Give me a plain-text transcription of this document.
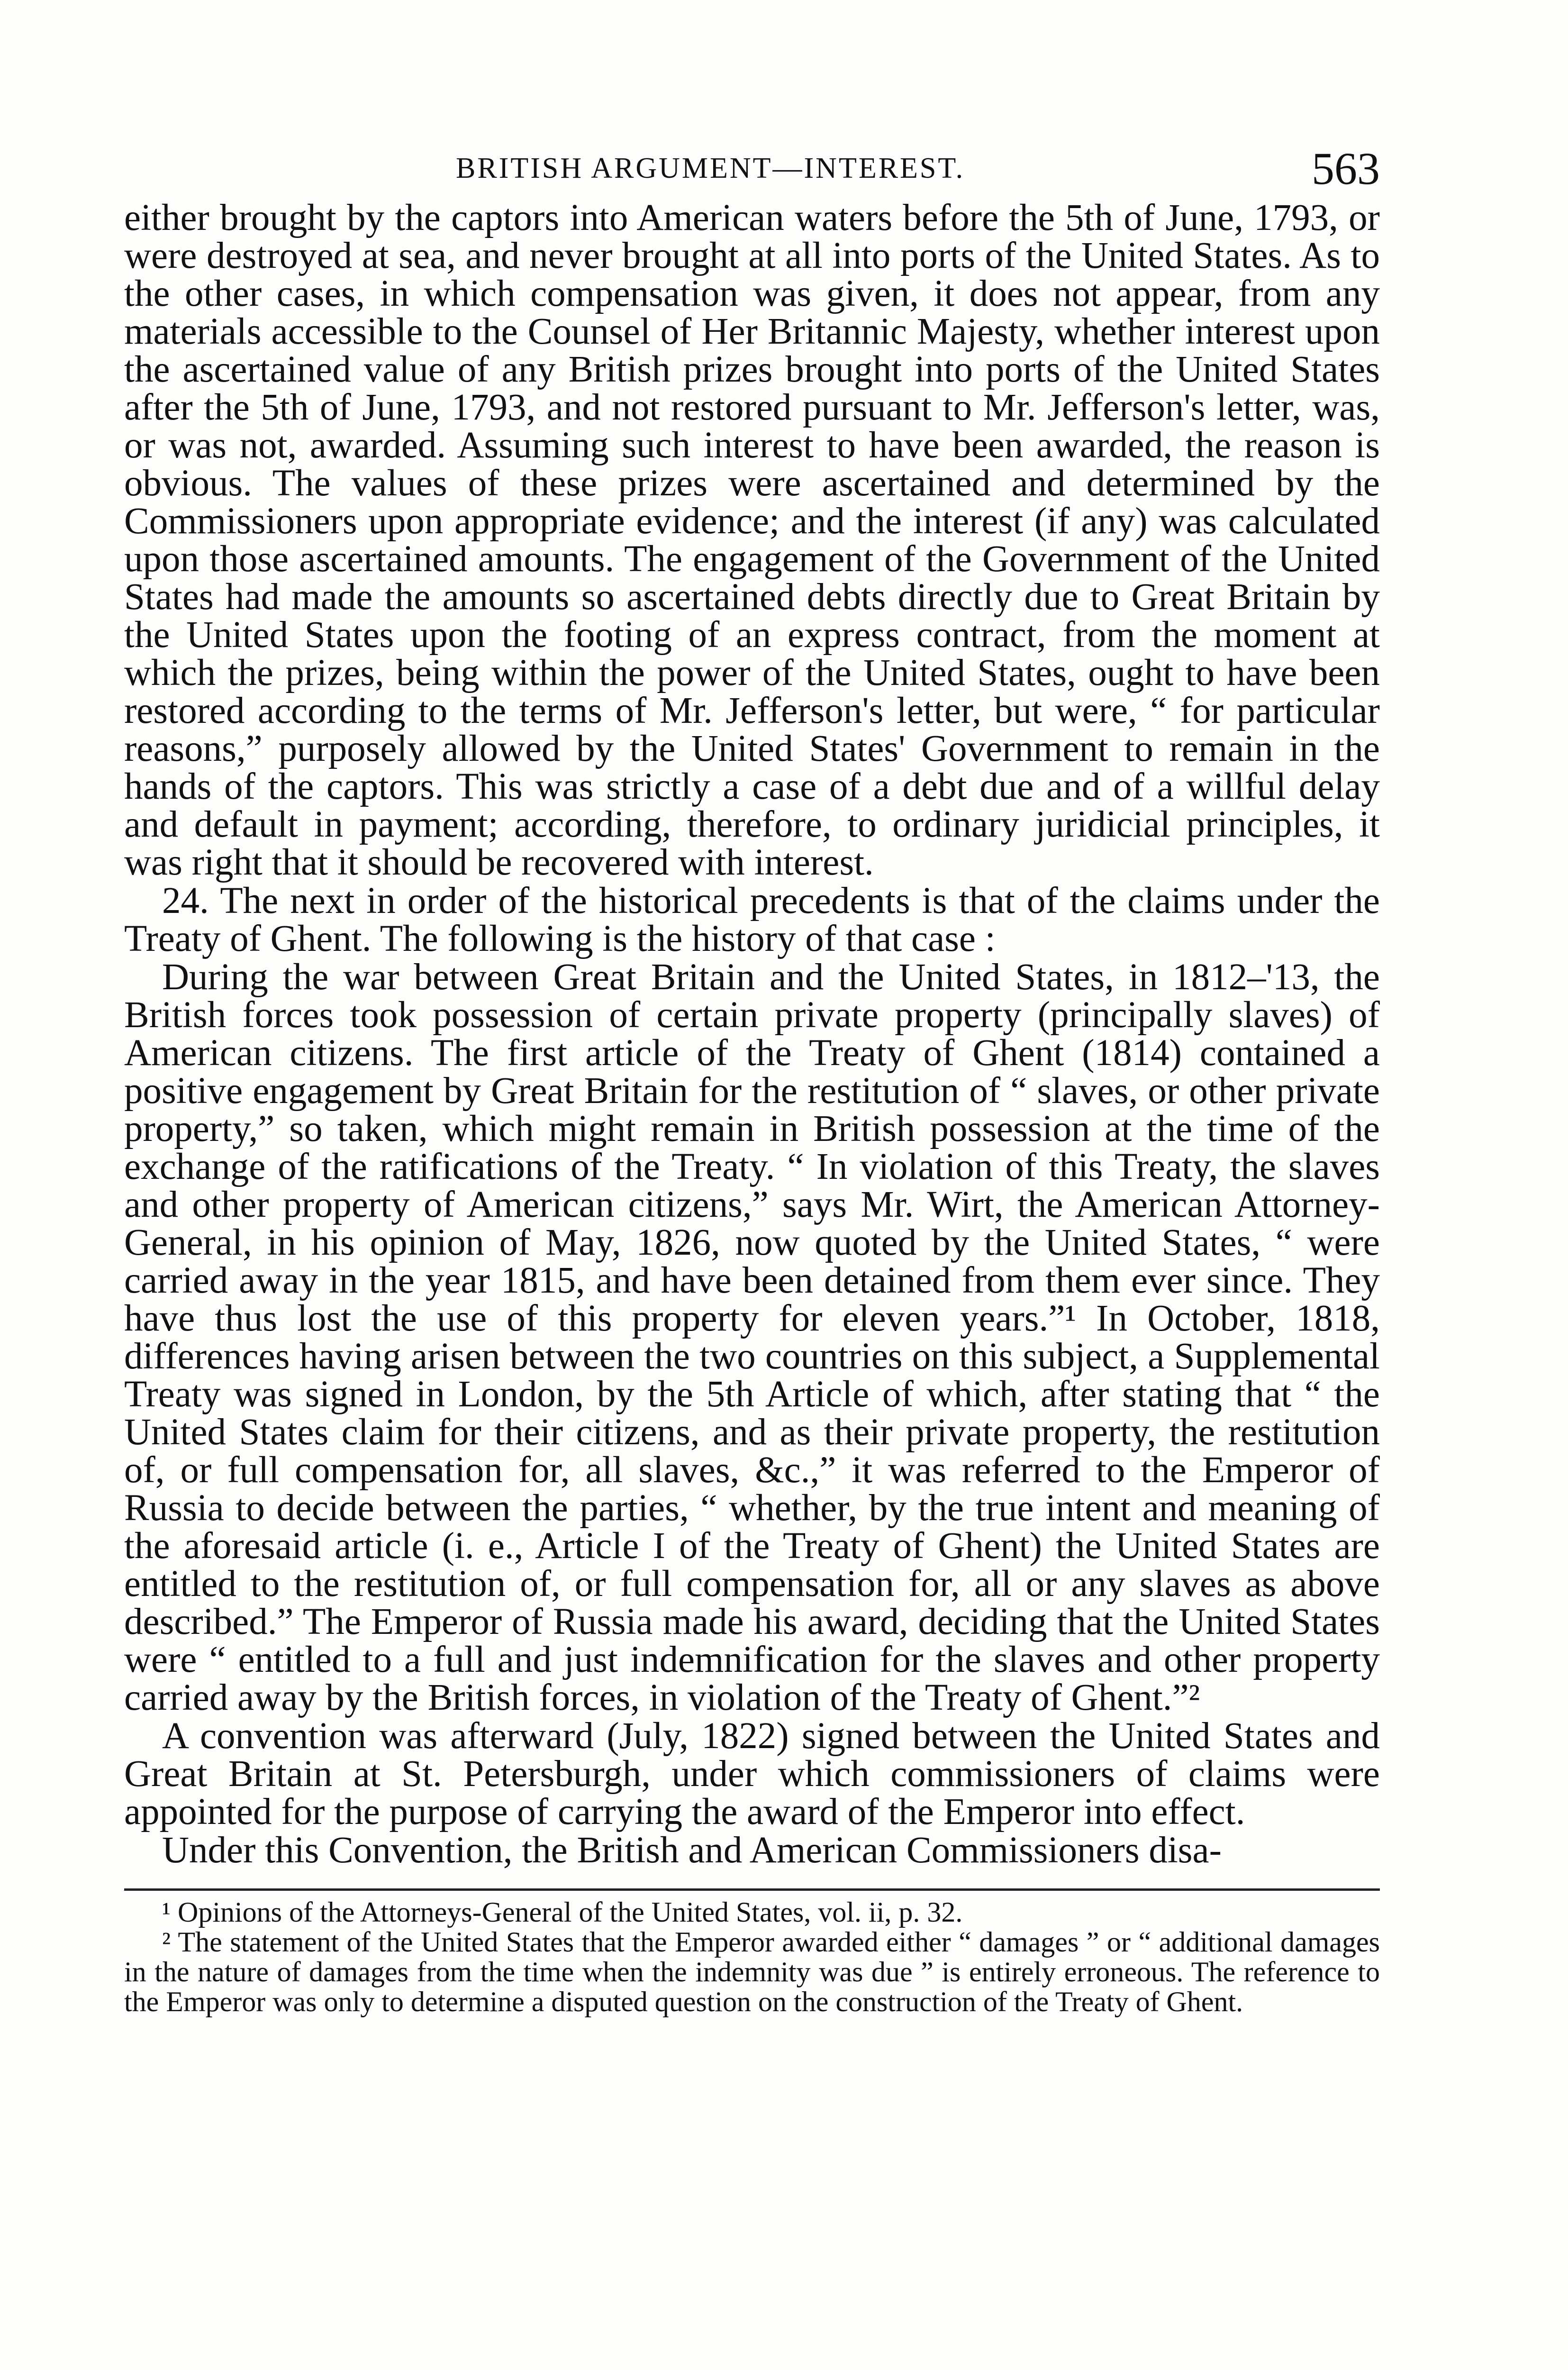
BRITISH ARGUMENT—INTEREST.	563

either brought by the captors into American waters before the 5th of June, 1793, or were destroyed at sea, and never brought at all into ports of the United States. As to the other cases, in which compensation was given, it does not appear, from any materials accessible to the Counsel of Her Britannic Majesty, whether interest upon the ascertained value of any British prizes brought into ports of the United States after the 5th of June, 1793, and not restored pursuant to Mr. Jefferson's letter, was, or was not, awarded. Assuming such interest to have been awarded, the reason is obvious. The values of these prizes were ascertained and determined by the Commissioners upon appropriate evidence; and the interest (if any) was calculated upon those ascertained amounts. The engagement of the Government of the United States had made the amounts so ascertained debts directly due to Great Britain by the United States upon the footing of an express contract, from the moment at which the prizes, being within the power of the United States, ought to have been restored according to the terms of Mr. Jefferson's letter, but were, “ for particular reasons,” purposely allowed by the United States' Government to remain in the hands of the captors. This was strictly a case of a debt due and of a willful delay and default in payment; according, therefore, to ordinary juridicial principles, it was right that it should be recovered with interest.

24. The next in order of the historical precedents is that of the claims under the Treaty of Ghent. The following is the history of that case :

During the war between Great Britain and the United States, in 1812–'13, the British forces took possession of certain private property (principally slaves) of American citizens. The first article of the Treaty of Ghent (1814) contained a positive engagement by Great Britain for the restitution of “ slaves, or other private property,” so taken, which might remain in British possession at the time of the exchange of the ratifications of the Treaty. “ In violation of this Treaty, the slaves and other property of American citizens,” says Mr. Wirt, the American Attorney-General, in his opinion of May, 1826, now quoted by the United States, “ were carried away in the year 1815, and have been detained from them ever since. They have thus lost the use of this property for eleven years.”¹ In October, 1818, differences having arisen between the two countries on this subject, a Supplemental Treaty was signed in London, by the 5th Article of which, after stating that “ the United States claim for their citizens, and as their private property, the restitution of, or full compensation for, all slaves, &c.,” it was referred to the Emperor of Russia to decide between the parties, “ whether, by the true intent and meaning of the aforesaid article (i. e., Article I of the Treaty of Ghent) the United States are entitled to the restitution of, or full compensation for, all or any slaves as above described.” The Emperor of Russia made his award, deciding that the United States were “ entitled to a full and just indemnification for the slaves and other property carried away by the British forces, in violation of the Treaty of Ghent.”²

A convention was afterward (July, 1822) signed between the United States and Great Britain at St. Petersburgh, under which commissioners of claims were appointed for the purpose of carrying the award of the Emperor into effect.

Under this Convention, the British and American Commissioners disa-

¹ Opinions of the Attorneys-General of the United States, vol. ii, p. 32.

² The statement of the United States that the Emperor awarded either “ damages ” or “ additional damages in the nature of damages from the time when the indemnity was due ” is entirely erroneous. The reference to the Emperor was only to determine a disputed question on the construction of the Treaty of Ghent.
